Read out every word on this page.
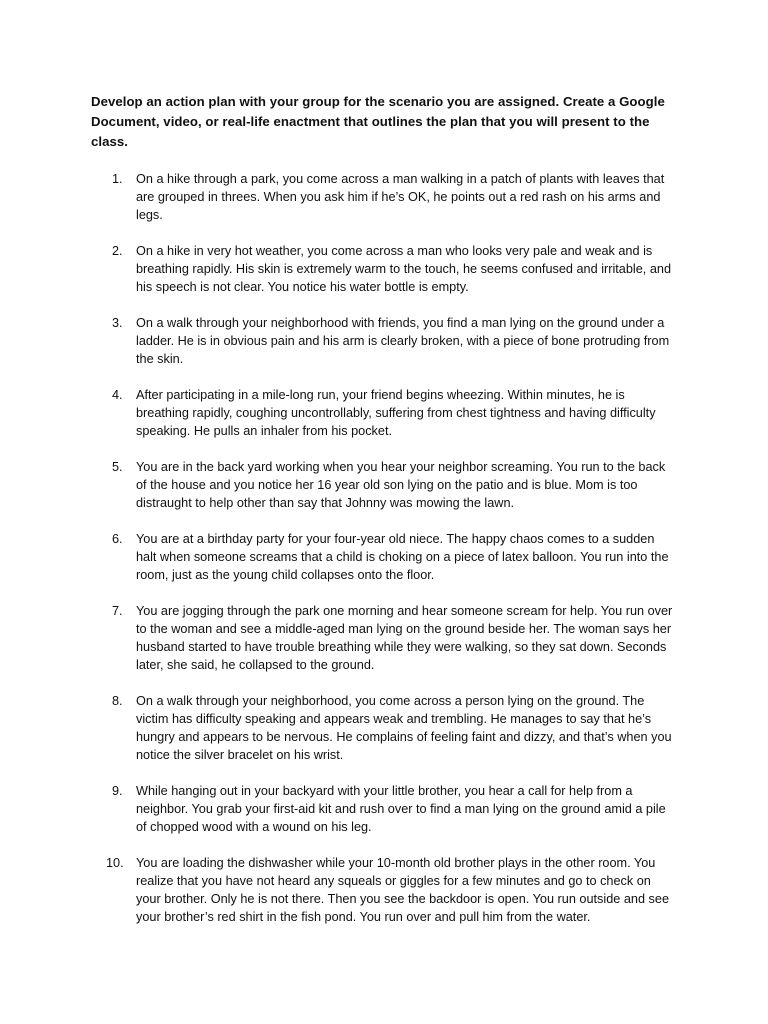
Develop an action plan with your group for the scenario you are assigned. Create a Google Document, video, or real-life enactment that outlines the plan that you will present to the class.

1. On a hike through a park, you come across a man walking in a patch of plants with leaves that are grouped in threes. When you ask him if he’s OK, he points out a red rash on his arms and legs.
2. On a hike in very hot weather, you come across a man who looks very pale and weak and is breathing rapidly. His skin is extremely warm to the touch, he seems confused and irritable, and his speech is not clear. You notice his water bottle is empty.
3. On a walk through your neighborhood with friends, you find a man lying on the ground under a ladder. He is in obvious pain and his arm is clearly broken, with a piece of bone protruding from the skin.
4. After participating in a mile-long run, your friend begins wheezing. Within minutes, he is breathing rapidly, coughing uncontrollably, suffering from chest tightness and having difficulty speaking. He pulls an inhaler from his pocket.
5. You are in the back yard working when you hear your neighbor screaming. You run to the back of the house and you notice her 16 year old son lying on the patio and is blue. Mom is too distraught to help other than say that Johnny was mowing the lawn.
6. You are at a birthday party for your four-year old niece. The happy chaos comes to a sudden halt when someone screams that a child is choking on a piece of latex balloon. You run into the room, just as the young child collapses onto the floor.
7. You are jogging through the park one morning and hear someone scream for help. You run over to the woman and see a middle-aged man lying on the ground beside her. The woman says her husband started to have trouble breathing while they were walking, so they sat down. Seconds later, she said, he collapsed to the ground.
8. On a walk through your neighborhood, you come across a person lying on the ground. The victim has difficulty speaking and appears weak and trembling. He manages to say that he’s hungry and appears to be nervous. He complains of feeling faint and dizzy, and that’s when you notice the silver bracelet on his wrist.
9. While hanging out in your backyard with your little brother, you hear a call for help from a neighbor. You grab your first-aid kit and rush over to find a man lying on the ground amid a pile of chopped wood with a wound on his leg.
10. You are loading the dishwasher while your 10-month old brother plays in the other room. You realize that you have not heard any squeals or giggles for a few minutes and go to check on your brother. Only he is not there. Then you see the backdoor is open. You run outside and see your brother’s red shirt in the fish pond. You run over and pull him from the water.
